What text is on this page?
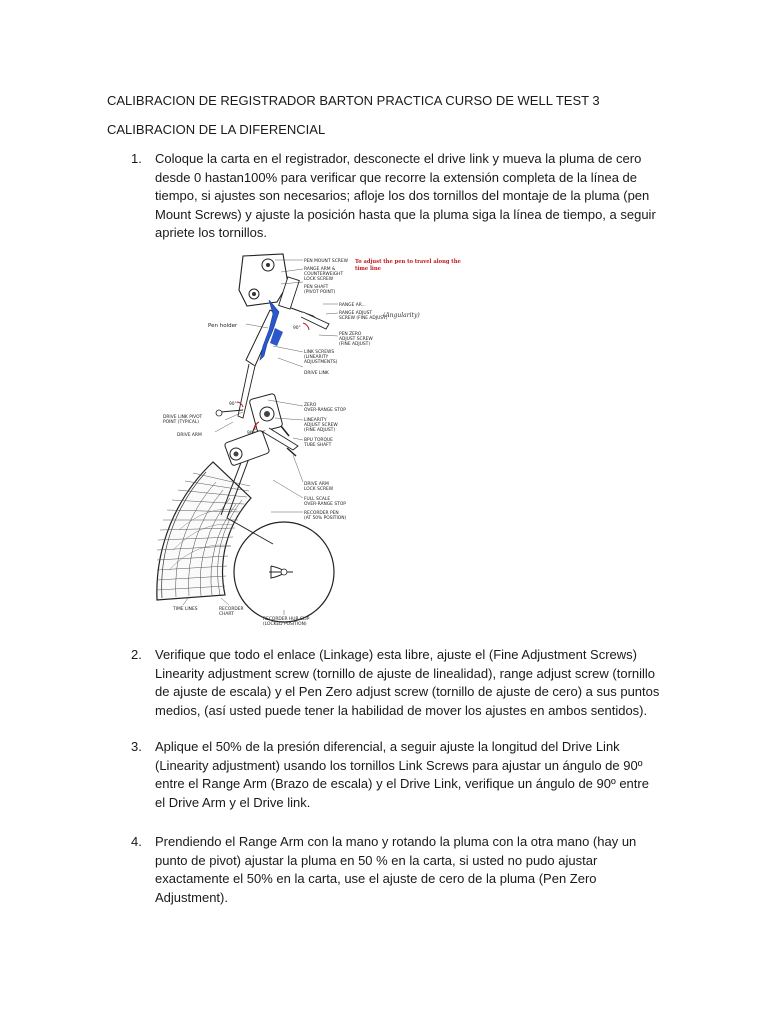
CALIBRACION DE REGISTRADOR BARTON PRACTICA CURSO DE WELL TEST 3
CALIBRACION DE LA DIFERENCIAL
1. Coloque la carta en el registrador, desconecte el drive link y mueva la pluma de cero desde 0 hastan100% para verificar que recorre la extensión completa de la línea de tiempo, si ajustes son necesarios; afloje los dos tornillos del montaje de la pluma (pen Mount Screws) y ajuste la posición hasta que la pluma siga la línea de tiempo, a seguir apriete los tornillos.
PEN MOUNT SCREW
RANGE ARM & COUNTERWEIGHT LOCK SCREW
PEN SHAFT (PIVOT POINT)
RANGE AR...
RANGE ADJUST SCREW (FINE ADJUST)
PEN ZERO ADJUST SCREW (FINE ADJUST)
Pen holder
LINK SCREWS (LINEARITY ADJUSTMENTS)
DRIVE LINK
ZERO OVER-RANGE STOP
DRIVE LINK PIVOT POINT (TYPICAL)
DRIVE ARM
LINEARITY ADJUST SCREW (FINE ADJUST)
BPU TORQUE TUBE SHAFT
DRIVE ARM LOCK SCREW
FULL SCALE OVER-RANGE STOP
RECORDER PEN (AT 50% POSITION)
TIME LINES	RECORDER CHART
RECORDER HUB CLIP (LOCKED POSITION)
90°
90°
90°
To adjust the pen to travel along the time line
(Angularity)
2. Verifique que todo el enlace (Linkage) esta libre, ajuste el (Fine Adjustment Screws) Linearity adjustment screw (tornillo de ajuste de linealidad), range adjust screw (tornillo de ajuste de escala) y el Pen Zero adjust screw (tornillo de ajuste de cero) a sus puntos medios, (así usted puede tener la habilidad de mover los ajustes en ambos sentidos).
3. Aplique el 50% de la presión diferencial, a seguir ajuste la longitud del Drive Link (Linearity adjustment) usando los tornillos Link Screws para ajustar un ángulo de 90º entre el Range Arm (Brazo de escala) y el Drive Link, verifique un ángulo de 90º entre el Drive Arm y el Drive link.
4. Prendiendo el Range Arm con la mano y rotando la pluma con la otra mano (hay un punto de pivot) ajustar la pluma en 50 % en la carta, si usted no pudo ajustar exactamente el 50% en la carta, use el ajuste de cero de la pluma (Pen Zero Adjustment).
